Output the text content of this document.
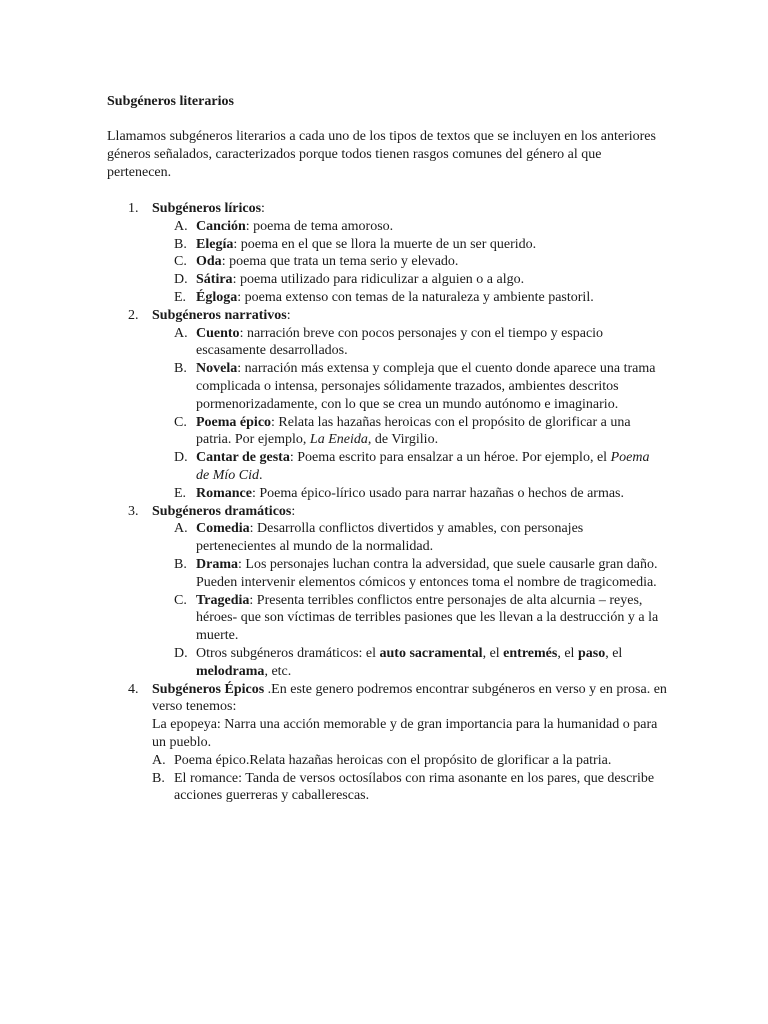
Subgéneros literarios

Llamamos subgéneros literarios a cada uno de los tipos de textos que se incluyen en los anteriores géneros señalados, caracterizados porque todos tienen rasgos comunes del género al que pertenecen.

1. Subgéneros líricos:
A. Canción: poema de tema amoroso.
B. Elegía: poema en el que se llora la muerte de un ser querido.
C. Oda: poema que trata un tema serio y elevado.
D. Sátira: poema utilizado para ridiculizar a alguien o a algo.
E. Égloga: poema extenso con temas de la naturaleza y ambiente pastoril.
2. Subgéneros narrativos:
A. Cuento: narración breve con pocos personajes y con el tiempo y espacio escasamente desarrollados.
B. Novela: narración más extensa y compleja que el cuento donde aparece una trama complicada o intensa, personajes sólidamente trazados, ambientes descritos pormenorizadamente, con lo que se crea un mundo autónomo e imaginario.
C. Poema épico: Relata las hazañas heroicas con el propósito de glorificar a una patria. Por ejemplo, La Eneida, de Virgilio.
D. Cantar de gesta: Poema escrito para ensalzar a un héroe. Por ejemplo, el Poema de Mío Cid.
E. Romance: Poema épico-lírico usado para narrar hazañas o hechos de armas.
3. Subgéneros dramáticos:
A. Comedia: Desarrolla conflictos divertidos y amables, con personajes pertenecientes al mundo de la normalidad.
B. Drama: Los personajes luchan contra la adversidad, que suele causarle gran daño. Pueden intervenir elementos cómicos y entonces toma el nombre de tragicomedia.
C. Tragedia: Presenta terribles conflictos entre personajes de alta alcurnia – reyes, héroes- que son víctimas de terribles pasiones que les llevan a la destrucción y a la muerte.
D. Otros subgéneros dramáticos: el auto sacramental, el entremés, el paso, el melodrama, etc.
4. Subgéneros Épicos .En este genero podremos encontrar subgéneros en verso y en prosa. en verso tenemos:
La epopeya: Narra una acción memorable y de gran importancia para la humanidad o para un pueblo.
A. Poema épico.Relata hazañas heroicas con el propósito de glorificar a la patria.
B. El romance: Tanda de versos octosílabos con rima asonante en los pares, que describe acciones guerreras y caballerescas.
